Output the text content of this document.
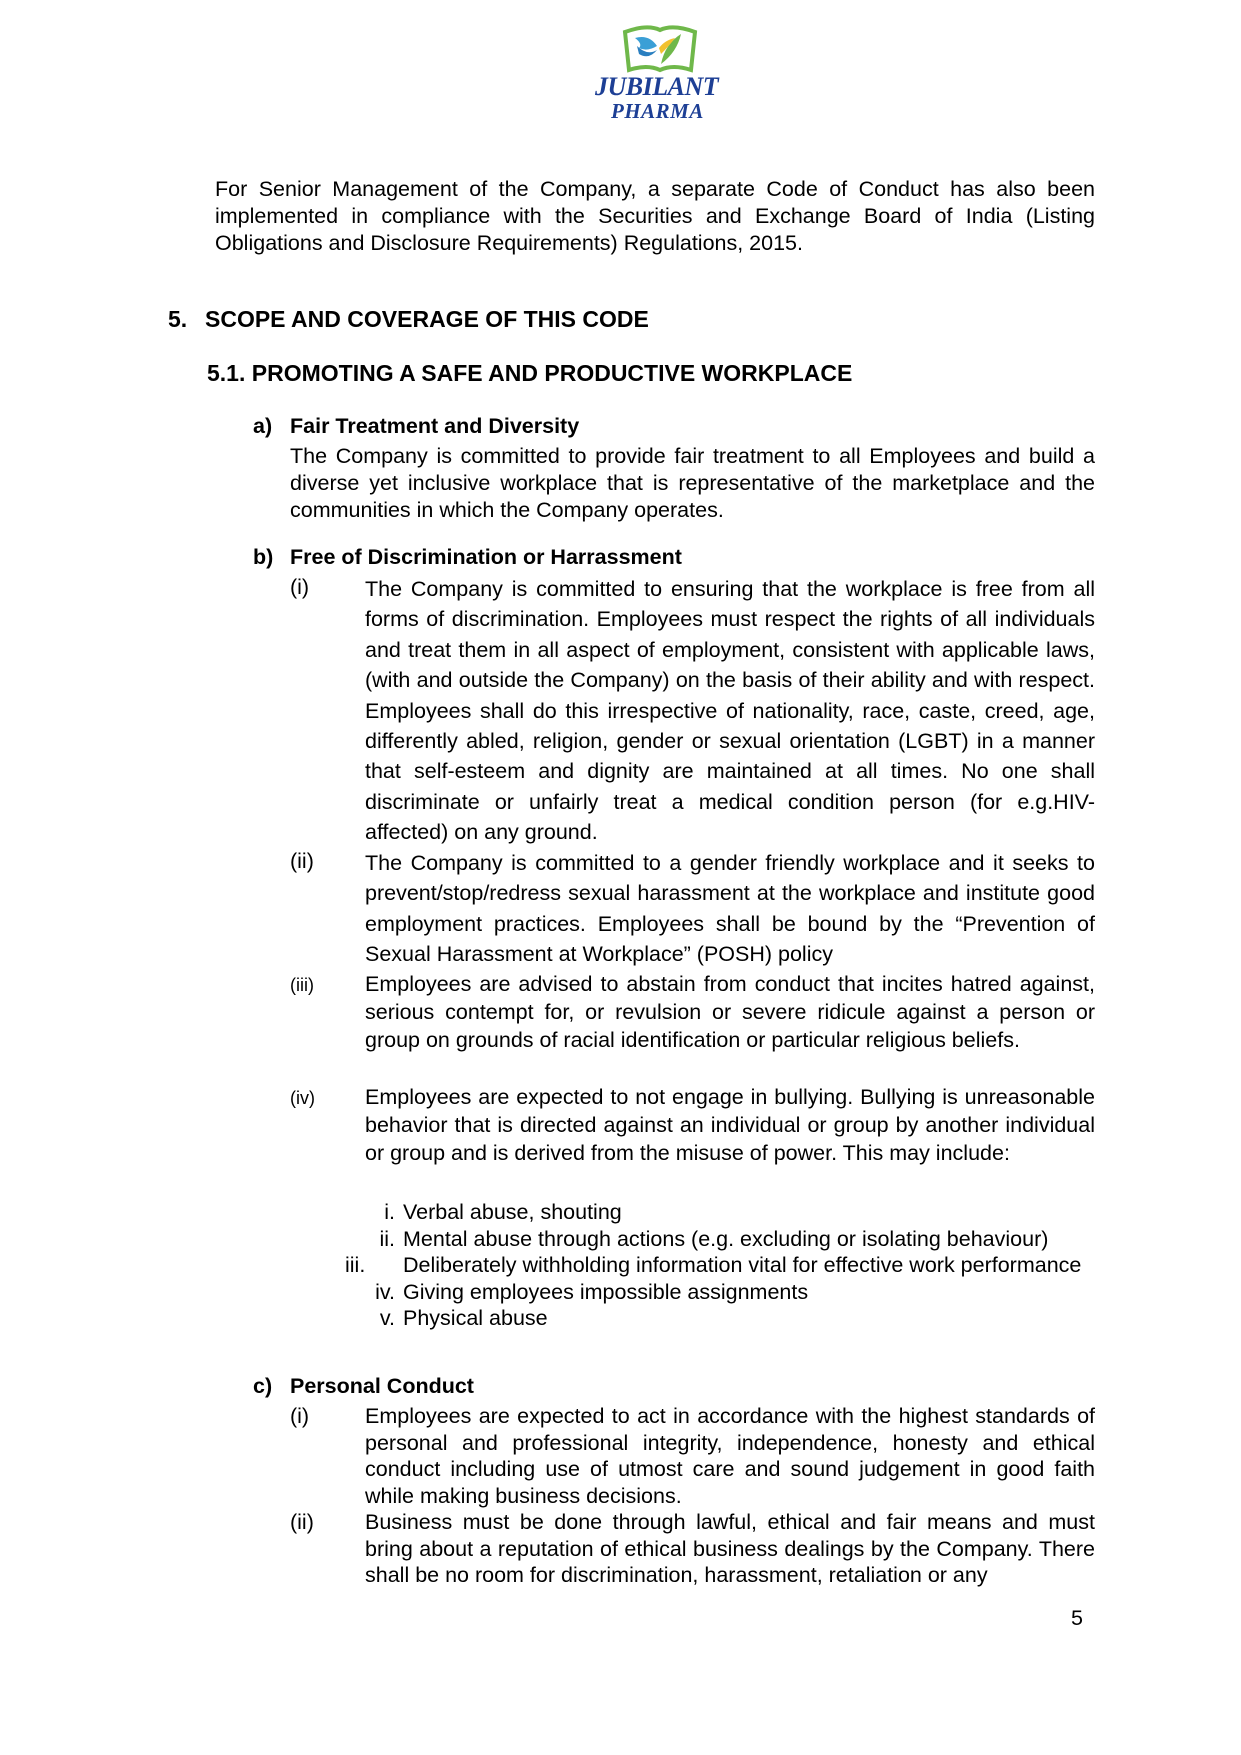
JUBILANT
PHARMA
For Senior Management of the Company, a separate Code of Conduct has also been implemented in compliance with the Securities and Exchange Board of India (Listing Obligations and Disclosure Requirements) Regulations, 2015.
5. SCOPE AND COVERAGE OF THIS CODE
5.1. PROMOTING A SAFE AND PRODUCTIVE WORKPLACE
a) Fair Treatment and Diversity
The Company is committed to provide fair treatment to all Employees and build a diverse yet inclusive workplace that is representative of the marketplace and the communities in which the Company operates.
b) Free of Discrimination or Harrassment
(i)	The Company is committed to ensuring that the workplace is free from all forms of discrimination. Employees must respect the rights of all individuals and treat them in all aspect of employment, consistent with applicable laws, (with and outside the Company) on the basis of their ability and with respect. Employees shall do this irrespective of nationality, race, caste, creed, age, differently abled, religion, gender or sexual orientation (LGBT) in a manner that self-esteem and dignity are maintained at all times. No one shall discriminate or unfairly treat a medical condition person (for e.g.HIV-affected) on any ground.
(ii) The Company is committed to a gender friendly workplace and it seeks to prevent/stop/redress sexual harassment at the workplace and institute good employment practices. Employees shall be bound by the “Prevention of Sexual Harassment at Workplace” (POSH) policy
(iii) Employees are advised to abstain from conduct that incites hatred against, serious contempt for, or revulsion or severe ridicule against a person or group on grounds of racial identification or particular religious beliefs.
(iv) Employees are expected to not engage in bullying. Bullying is unreasonable behavior that is directed against an individual or group by another individual or group and is derived from the misuse of power. This may include:
i. Verbal abuse, shouting
ii. Mental abuse through actions (e.g. excluding or isolating behaviour)
iii.	Deliberately withholding information vital for effective work performance
iv. Giving employees impossible assignments
v. Physical abuse
c) Personal Conduct
(i)	Employees are expected to act in accordance with the highest standards of personal and professional integrity, independence, honesty and ethical conduct including use of utmost care and sound judgement in good faith while making business decisions.
(ii) Business must be done through lawful, ethical and fair means and must bring about a reputation of ethical business dealings by the Company. There shall be no room for discrimination, harassment, retaliation or any
5
